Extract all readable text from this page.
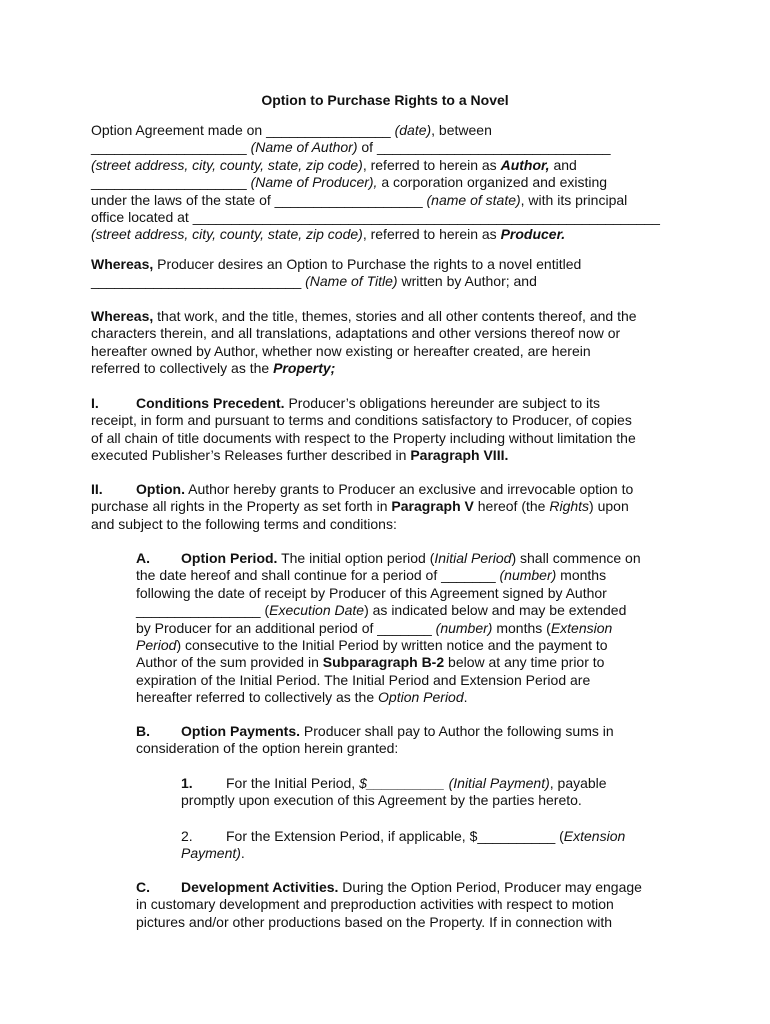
Option to Purchase Rights to a Novel

Option Agreement made on ________________ (date), between

____________________ (Name of Author) of ______________________________

(street address, city, county, state, zip code), referred to herein as Author, and

____________________ (Name of Producer), a corporation organized and existing

under the laws of the state of ___________________ (name of state), with its principal

office located at ____________________________________________________________

(street address, city, county, state, zip code), referred to herein as Producer.

Whereas, Producer desires an Option to Purchase the rights to a novel entitled

___________________________ (Name of Title) written by Author; and

Whereas, that work, and the title, themes, stories and all other contents thereof, and the

characters therein, and all translations, adaptations and other versions thereof now or

hereafter owned by Author, whether now existing or hereafter created, are herein

referred to collectively as the Property;

I.	Conditions Precedent. Producer’s obligations hereunder are subject to its

receipt, in form and pursuant to terms and conditions satisfactory to Producer, of copies

of all chain of title documents with respect to the Property including without limitation the

executed Publisher’s Releases further described in Paragraph VIII.

II. Option. Author hereby grants to Producer an exclusive and irrevocable option to

purchase all rights in the Property as set forth in Paragraph V hereof (the Rights) upon

and subject to the following terms and conditions:

A. Option Period. The initial option period (Initial Period) shall commence on

the date hereof and shall continue for a period of _______ (number) months

following the date of receipt by Producer of this Agreement signed by Author

________________ (Execution Date) as indicated below and may be extended

by Producer for an additional period of _______ (number) months (Extension

Period) consecutive to the Initial Period by written notice and the payment to

Author of the sum provided in Subparagraph B-2 below at any time prior to

expiration of the Initial Period. The Initial Period and Extension Period are

hereafter referred to collectively as the Option Period.

B. Option Payments. Producer shall pay to Author the following sums in

consideration of the option herein granted:

1. For the Initial Period, $__________ (Initial Payment), payable

promptly upon execution of this Agreement by the parties hereto.

2. For the Extension Period, if applicable, $__________ (Extension

Payment).

C. Development Activities. During the Option Period, Producer may engage

in customary development and preproduction activities with respect to motion

pictures and/or other productions based on the Property. If in connection with
